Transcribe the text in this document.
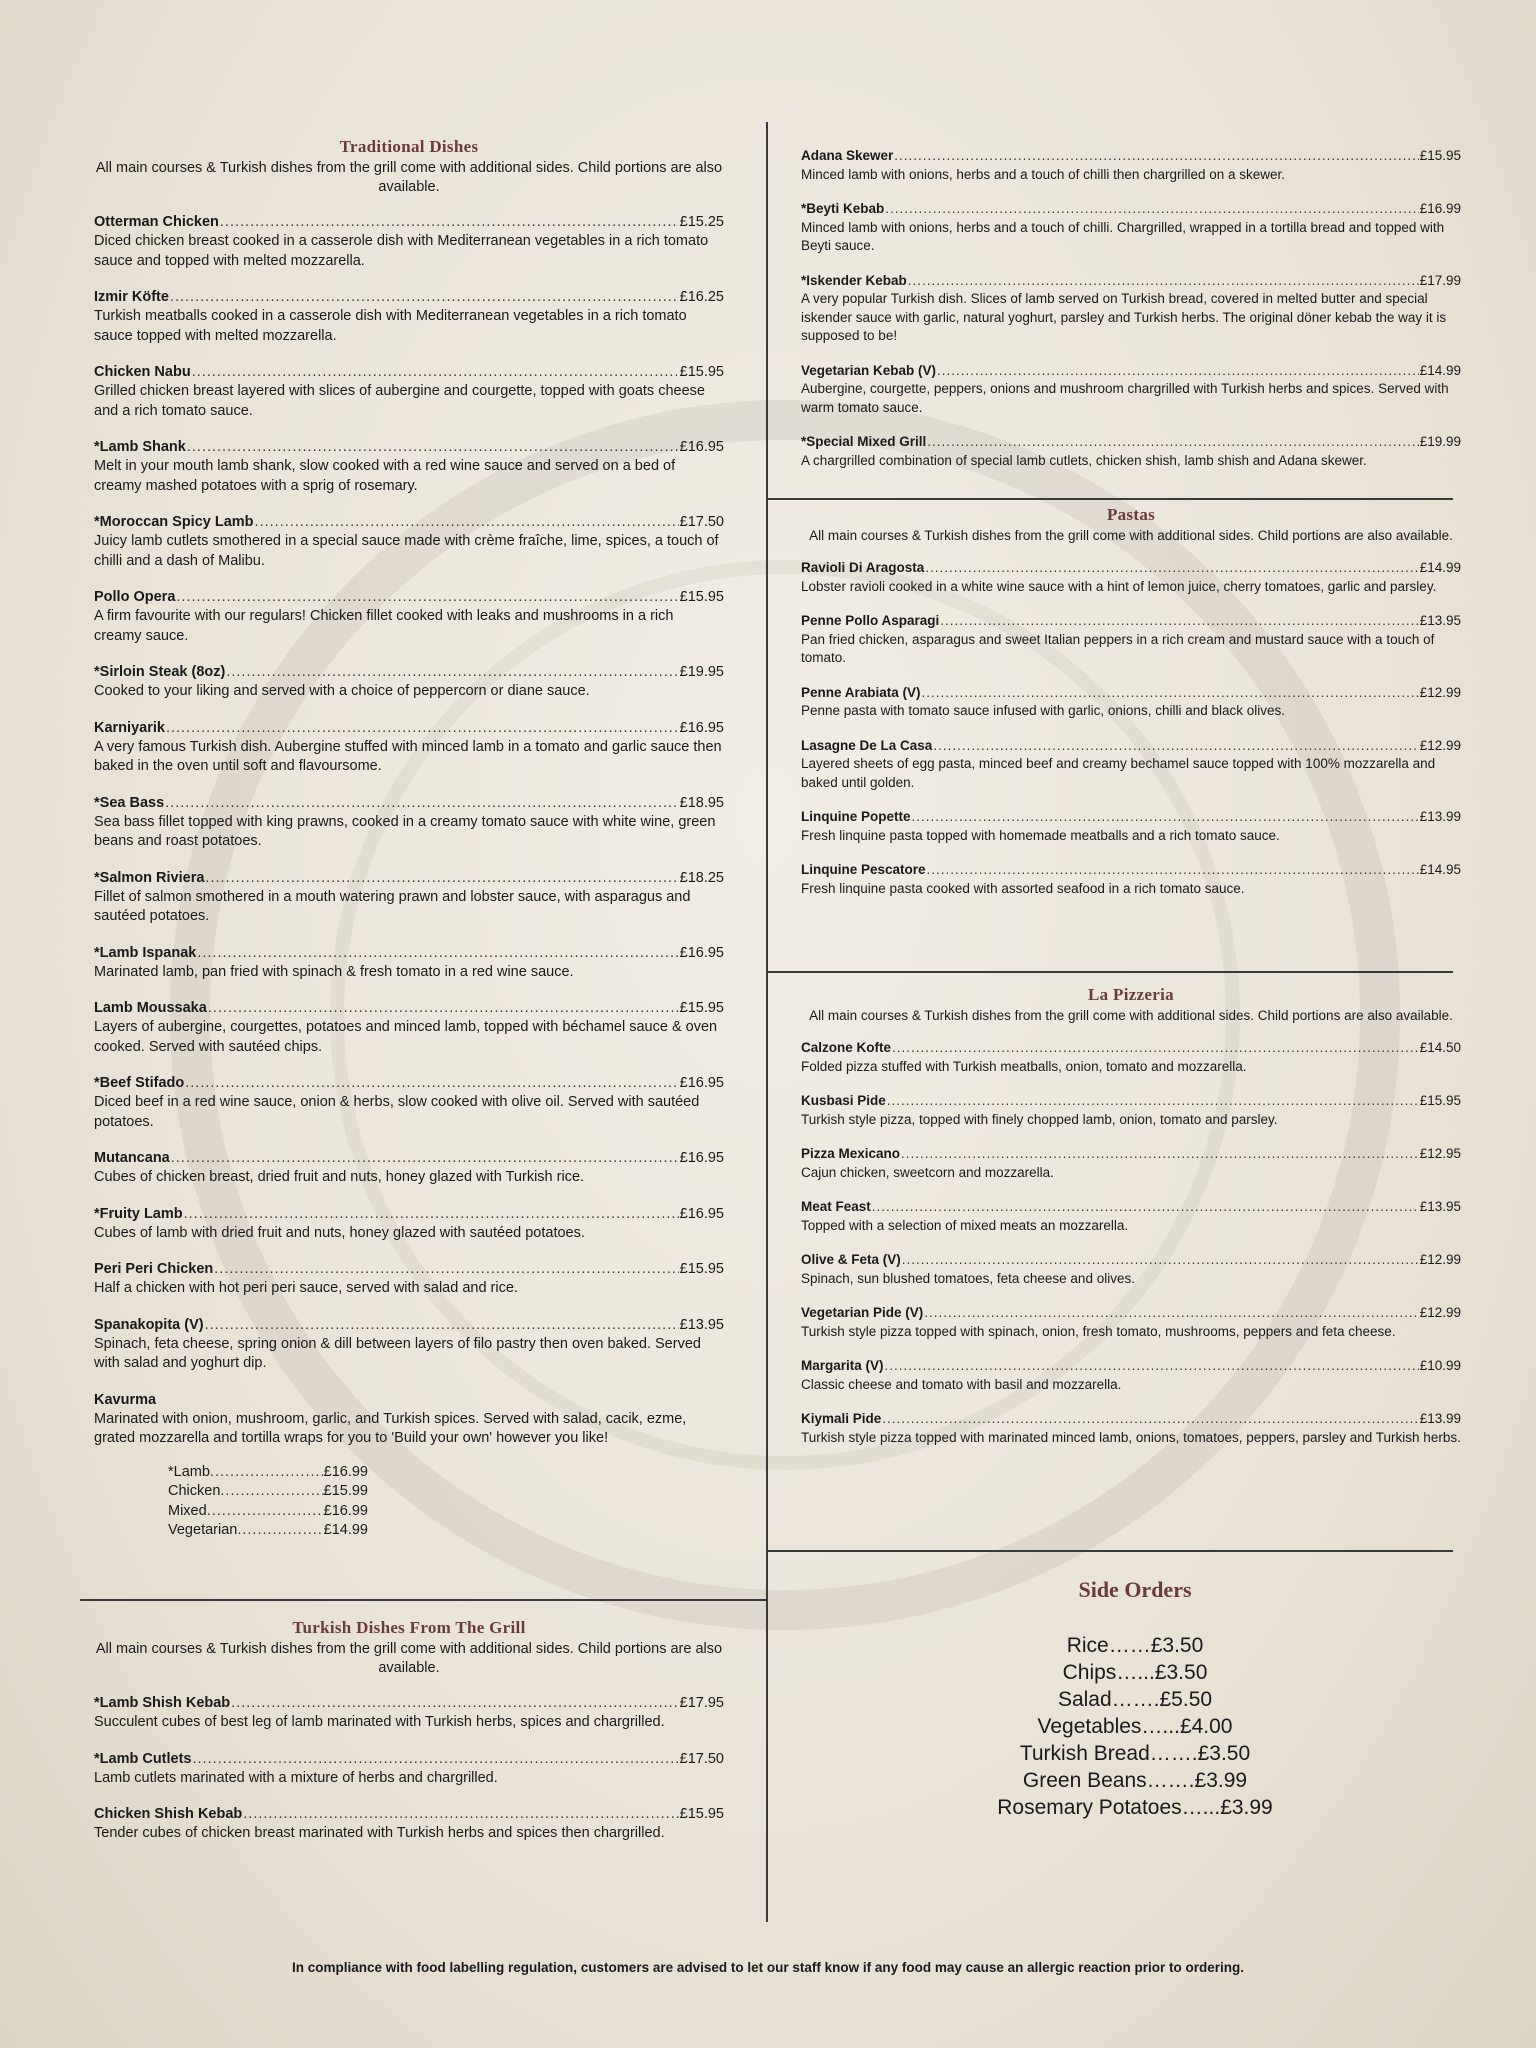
Traditional Dishes

All main courses & Turkish dishes from the grill come with additional sides. Child portions are also available.

Otterman Chicken .....	£15.25

Diced chicken breast cooked in a casserole dish with Mediterranean vegetables in a rich tomato sauce and topped with melted mozzarella.

Izmir Köfte .....	£16.25

Turkish meatballs cooked in a casserole dish with Mediterranean vegetables in a rich tomato sauce topped with melted mozzarella.

Chicken Nabu .....	£15.95

Grilled chicken breast layered with slices of aubergine and courgette, topped with goats cheese and a rich tomato sauce.

*Lamb Shank .....	£16.95

Melt in your mouth lamb shank, slow cooked with a red wine sauce and served on a bed of creamy mashed potatoes with a sprig of rosemary.

*Moroccan Spicy Lamb .....	£17.50

Juicy lamb cutlets smothered in a special sauce made with crème fraîche, lime, spices, a touch of chilli and a dash of Malibu.

Pollo Opera .....	£15.95

A firm favourite with our regulars! Chicken fillet cooked with leaks and mushrooms in a rich creamy sauce.

*Sirloin Steak (8oz) .....	£19.95

Cooked to your liking and served with a choice of peppercorn or diane sauce.

Karniyarik .....	£16.95

A very famous Turkish dish. Aubergine stuffed with minced lamb in a tomato and garlic sauce then baked in the oven until soft and flavoursome.

*Sea Bass .....	£18.95

Sea bass fillet topped with king prawns, cooked in a creamy tomato sauce with white wine, green beans and roast potatoes.

*Salmon Riviera .....	£18.25

Fillet of salmon smothered in a mouth watering prawn and lobster sauce, with asparagus and sautéed potatoes.

*Lamb Ispanak .....	£16.95

Marinated lamb, pan fried with spinach & fresh tomato in a red wine sauce.

Lamb Moussaka .....	£15.95

Layers of aubergine, courgettes, potatoes and minced lamb, topped with béchamel sauce & oven cooked. Served with sautéed chips.

*Beef Stifado .....	£16.95

Diced beef in a red wine sauce, onion & herbs, slow cooked with olive oil. Served with sautéed potatoes.

Mutancana .....	£16.95

Cubes of chicken breast, dried fruit and nuts, honey glazed with Turkish rice.

*Fruity Lamb .....	£16.95

Cubes of lamb with dried fruit and nuts, honey glazed with sautéed potatoes.

Peri Peri Chicken .....	£15.95

Half a chicken with hot peri peri sauce, served with salad and rice.

Spanakopita (V) .....	£13.95

Spinach, feta cheese, spring onion & dill between layers of filo pastry then oven baked. Served with salad and yoghurt dip.

Kavurma

Marinated with onion, mushroom, garlic, and Turkish spices. Served with salad, cacik, ezme, grated mozzarella and tortilla wraps for you to 'Build your own' however you like!

*Lamb .....	£16.99
Chicken .....	£15.99
Mixed .....	£16.99
Vegetarian .....	£14.99
Turkish Dishes From The Grill

All main courses & Turkish dishes from the grill come with additional sides. Child portions are also available.

*Lamb Shish Kebab .....	£17.95

Succulent cubes of best leg of lamb marinated with Turkish herbs, spices and chargrilled.

*Lamb Cutlets .....	£17.50

Lamb cutlets marinated with a mixture of herbs and chargrilled.

Chicken Shish Kebab .....	£15.95

Tender cubes of chicken breast marinated with Turkish herbs and spices then chargrilled.

Adana Skewer .....	£15.95

Minced lamb with onions, herbs and a touch of chilli then chargrilled on a skewer.

*Beyti Kebab .....	£16.99

Minced lamb with onions, herbs and a touch of chilli. Chargrilled, wrapped in a tortilla bread and topped with Beyti sauce.

*Iskender Kebab .....	£17.99

A very popular Turkish dish. Slices of lamb served on Turkish bread, covered in melted butter and special iskender sauce with garlic, natural yoghurt, parsley and Turkish herbs. The original döner kebab the way it is supposed to be!

Vegetarian Kebab (V) .....	£14.99

Aubergine, courgette, peppers, onions and mushroom chargrilled with Turkish herbs and spices. Served with warm tomato sauce.

*Special Mixed Grill .....	£19.99

A chargrilled combination of special lamb cutlets, chicken shish, lamb shish and Adana skewer.

Pastas

All main courses & Turkish dishes from the grill come with additional sides. Child portions are also available.

Ravioli Di Aragosta .....	£14.99

Lobster ravioli cooked in a white wine sauce with a hint of lemon juice, cherry tomatoes, garlic and parsley.

Penne Pollo Asparagi .....	£13.95

Pan fried chicken, asparagus and sweet Italian peppers in a rich cream and mustard sauce with a touch of tomato.

Penne Arabiata (V) .....	£12.99

Penne pasta with tomato sauce infused with garlic, onions, chilli and black olives.

Lasagne De La Casa .....	£12.99

Layered sheets of egg pasta, minced beef and creamy bechamel sauce topped with 100% mozzarella and baked until golden.

Linquine Popette .....	£13.99

Fresh linquine pasta topped with homemade meatballs and a rich tomato sauce.

Linquine Pescatore .....	£14.95

Fresh linquine pasta cooked with assorted seafood in a rich tomato sauce.

La Pizzeria

All main courses & Turkish dishes from the grill come with additional sides. Child portions are also available.

Calzone Kofte .....	£14.50

Folded pizza stuffed with Turkish meatballs, onion, tomato and mozzarella.

Kusbasi Pide .....	£15.95

Turkish style pizza, topped with finely chopped lamb, onion, tomato and parsley.

Pizza Mexicano .....	£12.95

Cajun chicken, sweetcorn and mozzarella.

Meat Feast .....	£13.95

Topped with a selection of mixed meats an mozzarella.

Olive & Feta (V) .....	£12.99

Spinach, sun blushed tomatoes, feta cheese and olives.

Vegetarian Pide (V) .....	£12.99

Turkish style pizza topped with spinach, onion, fresh tomato, mushrooms, peppers and feta cheese.

Margarita (V) .....	£10.99

Classic cheese and tomato with basil and mozzarella.

Kiymali Pide .....	£13.99

Turkish style pizza topped with marinated minced lamb, onions, tomatoes, peppers, parsley and Turkish herbs.

Side Orders
Rice……£3.50
Chips…...£3.50
Salad…….£5.50
Vegetables…...£4.00
Turkish Bread…….£3.50
Green Beans…….£3.99
Rosemary Potatoes…...£3.99
In compliance with food labelling regulation, customers are advised to let our staff know if any food may cause an allergic reaction prior to ordering.
